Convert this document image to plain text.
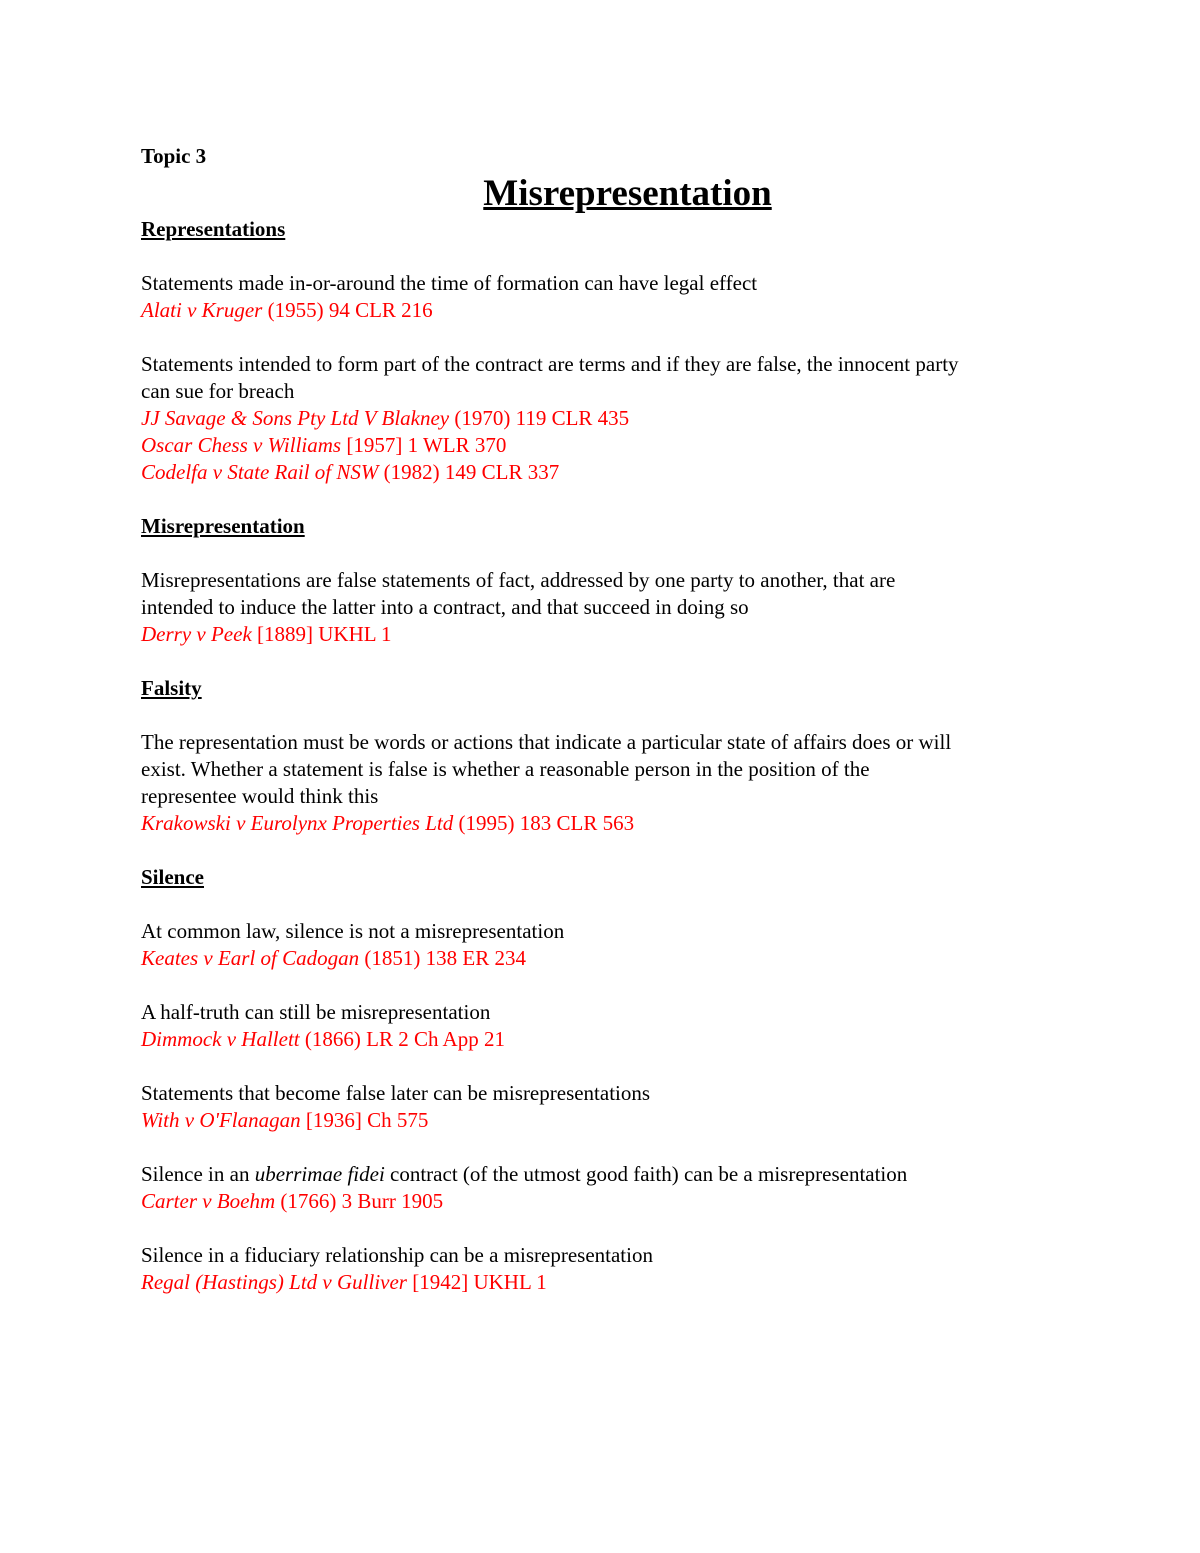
Topic 3

Misrepresentation

Representations

Statements made in-or-around the time of formation can have legal effect

Alati v Kruger (1955) 94 CLR 216

Statements intended to form part of the contract are terms and if they are false, the innocent party

can sue for breach

JJ Savage & Sons Pty Ltd V Blakney (1970) 119 CLR 435

Oscar Chess v Williams [1957] 1 WLR 370

Codelfa v State Rail of NSW (1982) 149 CLR 337

Misrepresentation

Misrepresentations are false statements of fact, addressed by one party to another, that are

intended to induce the latter into a contract, and that succeed in doing so

Derry v Peek [1889] UKHL 1

Falsity

The representation must be words or actions that indicate a particular state of affairs does or will

exist. Whether a statement is false is whether a reasonable person in the position of the

representee would think this

Krakowski v Eurolynx Properties Ltd (1995) 183 CLR 563

Silence

At common law, silence is not a misrepresentation

Keates v Earl of Cadogan (1851) 138 ER 234

A half-truth can still be misrepresentation

Dimmock v Hallett (1866) LR 2 Ch App 21

Statements that become false later can be misrepresentations

With v O'Flanagan [1936] Ch 575

Silence in an uberrimae fidei contract (of the utmost good faith) can be a misrepresentation

Carter v Boehm (1766) 3 Burr 1905

Silence in a fiduciary relationship can be a misrepresentation

Regal (Hastings) Ltd v Gulliver [1942] UKHL 1
